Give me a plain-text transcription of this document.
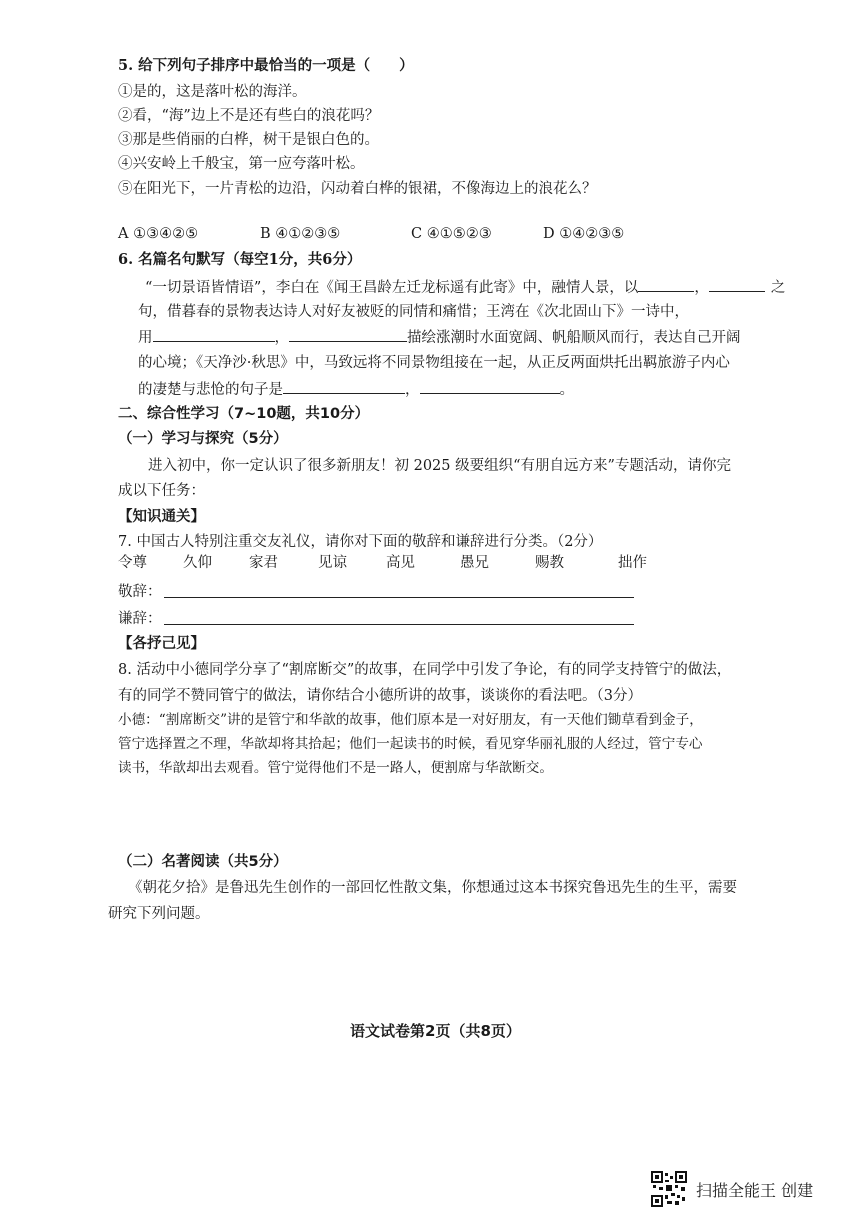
5. 给下列句子排序中最恰当的一项是（　　）
①是的，这是落叶松的海洋。
②看，“海”边上不是还有些白的浪花吗？
③那是些俏丽的白桦，树干是银白色的。
④兴安岭上千般宝，第一应夸落叶松。
⑤在阳光下，一片青松的边沿，闪动着白桦的银裙，不像海边上的浪花么？
A ①③④②⑤	B ④①②③⑤	C ④①⑤②③	D ①④②③⑤
6. 名篇名句默写（每空1分，共6分）
“一切景语皆情语”，李白在《闻王昌龄左迁龙标遥有此寄》中，融情人景，以	，	之
句，借暮春的景物表达诗人对好友被贬的同情和痛惜；王湾在《次北固山下》一诗中，
用	，	描绘涨潮时水面宽阔、帆船顺风而行，表达自己开阔
的心境；《天净沙·秋思》中，马致远将不同景物组接在一起，从正反两面烘托出羁旅游子内心
的凄楚与悲怆的句子是	，	。
二、综合性学习（7~10题，共10分）
（一）学习与探究（5分）
进入初中，你一定认识了很多新朋友！初 2025 级要组织“有朋自远方来”专题活动，请你完
成以下任务：
【知识通关】
7. 中国古人特别注重交友礼仪，请你对下面的敬辞和谦辞进行分类。（2分）
令尊 久仰	家君	见谅	高见	愚兄	赐教	拙作
敬辞：
谦辞：
【各抒己见】
8. 活动中小德同学分享了“割席断交”的故事，在同学中引发了争论，有的同学支持管宁的做法，
有的同学不赞同管宁的做法，请你结合小德所讲的故事，谈谈你的看法吧。（3分）
小德：“割席断交”讲的是管宁和华歆的故事，他们原本是一对好朋友，有一天他们锄草看到金子，
管宁选择置之不理，华歆却将其拾起；他们一起读书的时候，看见穿华丽礼服的人经过，管宁专心
读书，华歆却出去观看。管宁觉得他们不是一路人，便割席与华歆断交。
（二）名著阅读（共5分）
《朝花夕拾》是鲁迅先生创作的一部回忆性散文集，你想通过这本书探究鲁迅先生的生平，需要
研究下列问题。
语文试卷第2页（共8页）
扫描全能王 创建
